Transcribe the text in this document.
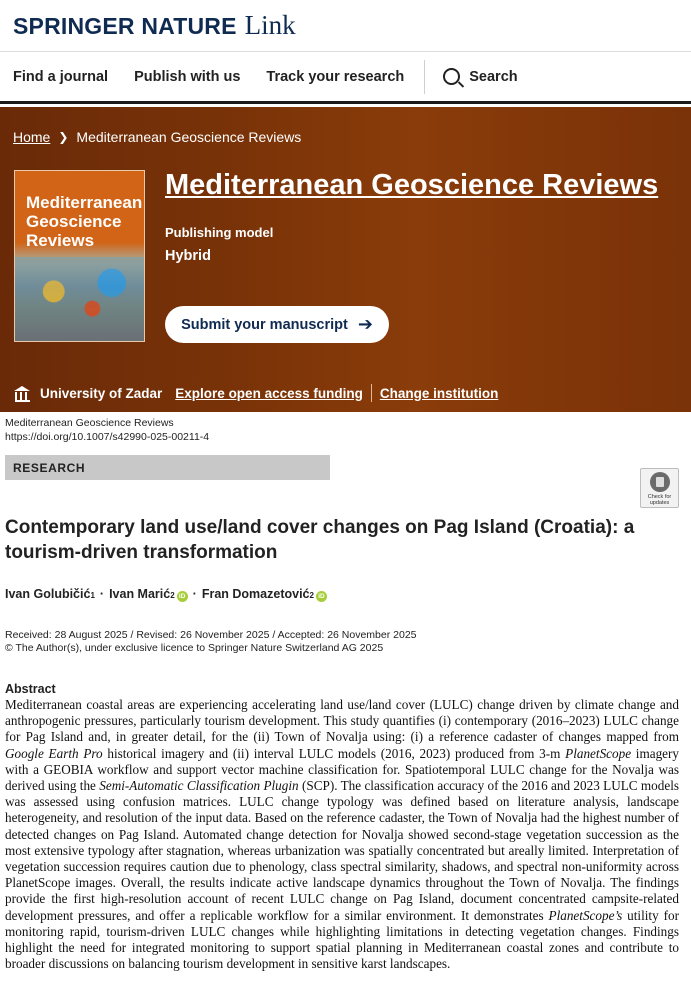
SPRINGER NATURE Link
Find a journal Publish with us Track your research	Search
Home ❯ Mediterranean Geoscience Reviews
Mediterranean
Geoscience
Reviews
Mediterranean Geoscience Reviews
Publishing model
Hybrid
Submit your manuscript ➔
University of Zadar Explore open access funding Change institution
Mediterranean Geoscience Reviews
https://doi.org/10.1007/s42990-025-00211-4
RESEARCH
Check for
updates
Contemporary land use/land cover changes on Pag Island (Croatia): a tourism-driven transformation
Ivan Golubičić 1 · Ivan Marić 2 iD · Fran Domazetović 2 iD
Received: 28 August 2025 / Revised: 26 November 2025 / Accepted: 26 November 2025
© The Author(s), under exclusive licence to Springer Nature Switzerland AG 2025
Abstract

Mediterranean coastal areas are experiencing accelerating land use/land cover (LULC) change driven by climate change and anthropogenic pressures, particularly tourism development. This study quantifies (i) contemporary (2016–2023) LULC change for Pag Island and, in greater detail, for the (ii) Town of Novalja using: (i) a reference cadaster of changes mapped from Google Earth Pro historical imagery and (ii) interval LULC models (2016, 2023) produced from 3-m PlanetScope imagery with a GEOBIA workflow and support vector machine classification for. Spatiotemporal LULC change for the Novalja was derived using the Semi-Automatic Classification Plugin (SCP). The classification accuracy of the 2016 and 2023 LULC models was assessed using confusion matrices. LULC change typology was defined based on literature analysis, landscape heterogeneity, and resolution of the input data. Based on the reference cadaster, the Town of Novalja had the highest number of detected changes on Pag Island. Automated change detection for Novalja showed second-stage vegetation succession as the most extensive typology after stagnation, whereas urbanization was spatially concentrated but areally limited. Interpretation of vegetation succession requires caution due to phenology, class spectral similarity, shadows, and spectral non-uniformity across PlanetScope images. Overall, the results indicate active landscape dynamics throughout the Town of Novalja. The findings provide the first high-resolution account of recent LULC change on Pag Island, document concentrated campsite-related development pressures, and offer a replicable workflow for a similar environment. It demonstrates PlanetScope’s utility for monitoring rapid, tourism-driven LULC changes while highlighting limitations in detecting vegetation changes. Findings highlight the need for integrated monitoring to support spatial planning in Mediterranean coastal zones and contribute to broader discussions on balancing tourism development in sensitive karst landscapes.
